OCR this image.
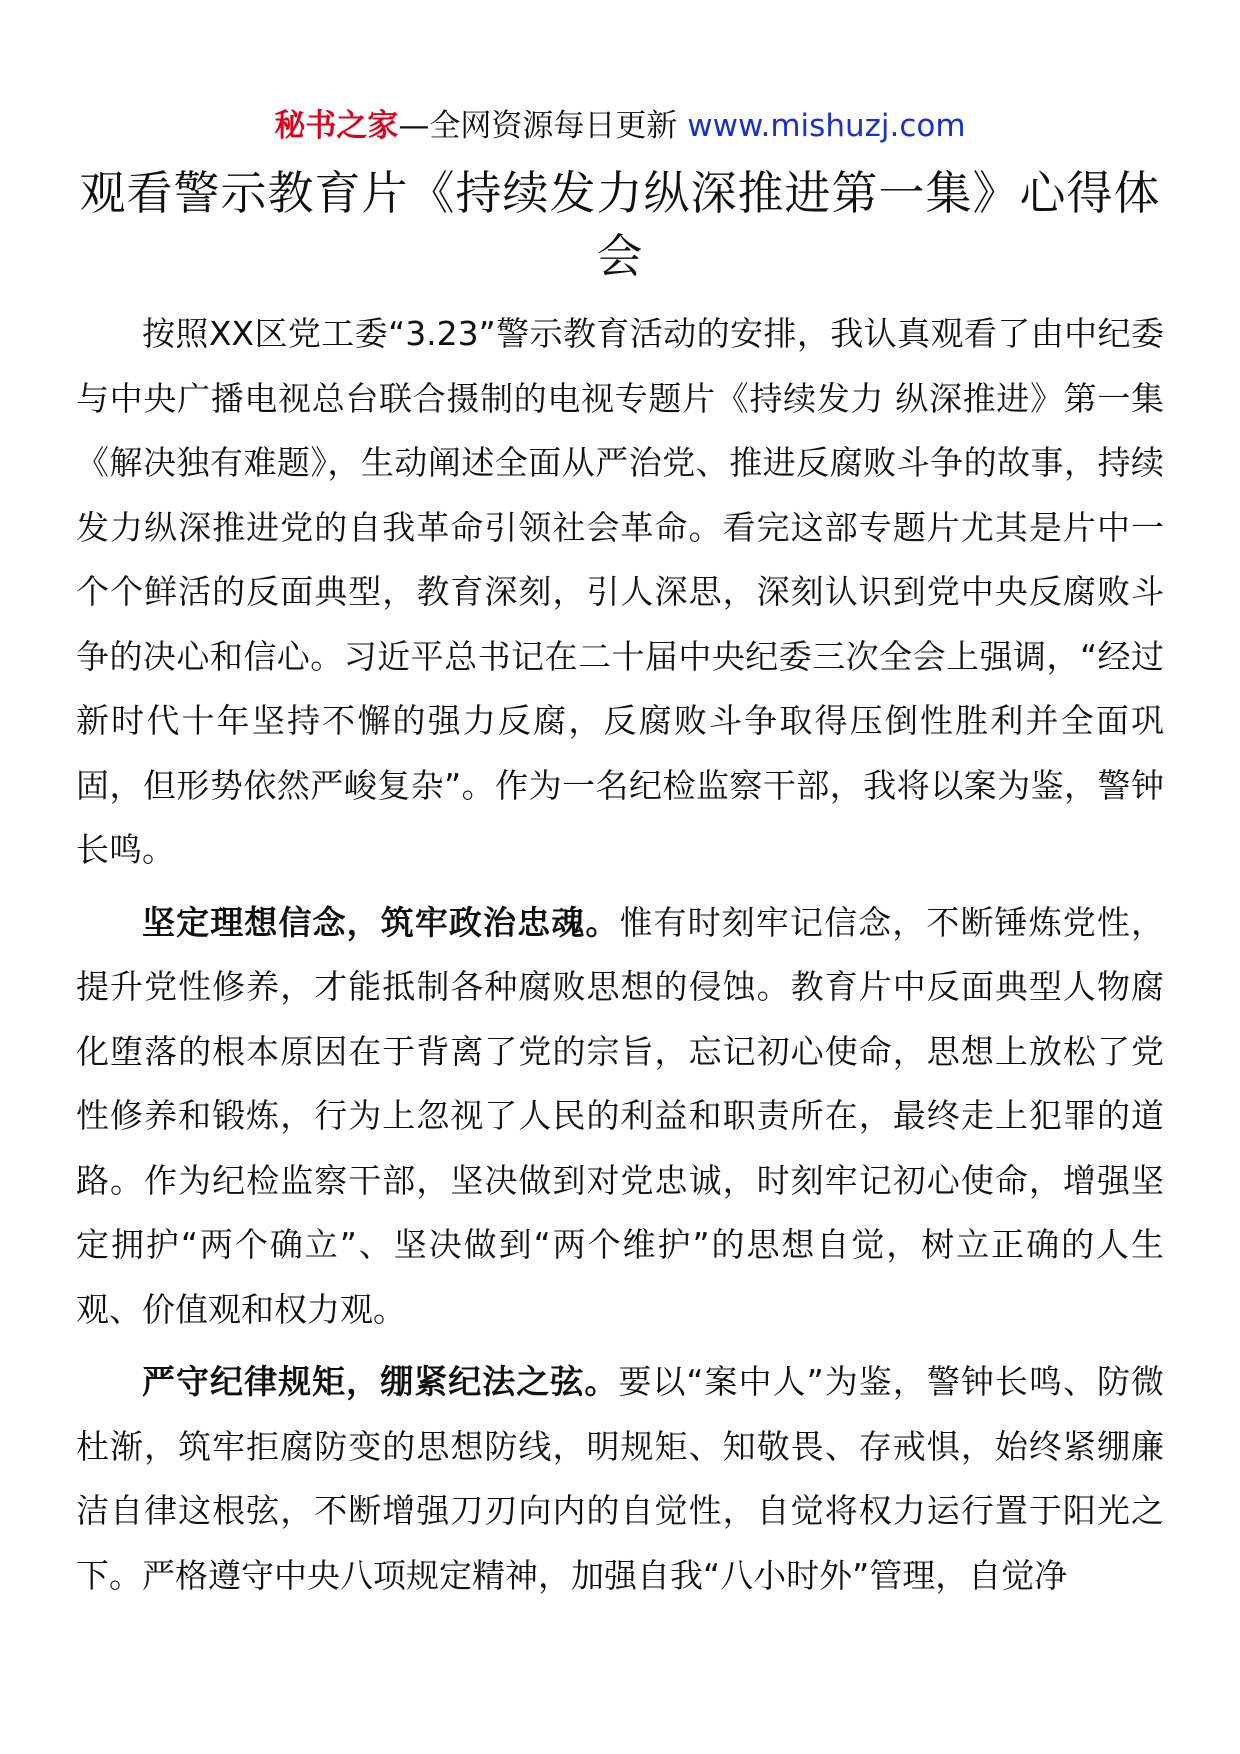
秘书之家—全网资源每日更新 www.mishuzj.com
观看警示教育片《持续发力纵深推进第一集》心得体会

按照XX区党工委“3.23”警示教育活动的安排，我认真观看了由中纪委与中央广播电视总台联合摄制的电视专题片《持续发力 纵深推进》第一集《解决独有难题》，生动阐述全面从严治党、推进反腐败斗争的故事，持续发力纵深推进党的自我革命引领社会革命。看完这部专题片尤其是片中一个个鲜活的反面典型，教育深刻，引人深思，深刻认识到党中央反腐败斗争的决心和信心。习近平总书记在二十届中央纪委三次全会上强调，“经过新时代十年坚持不懈的强力反腐，反腐败斗争取得压倒性胜利并全面巩固，但形势依然严峻复杂”。作为一名纪检监察干部，我将以案为鉴，警钟长鸣。

坚定理想信念，筑牢政治忠魂。惟有时刻牢记信念，不断锤炼党性，提升党性修养，才能抵制各种腐败思想的侵蚀。教育片中反面典型人物腐化堕落的根本原因在于背离了党的宗旨，忘记初心使命，思想上放松了党性修养和锻炼，行为上忽视了人民的利益和职责所在，最终走上犯罪的道路。作为纪检监察干部，坚决做到对党忠诚，时刻牢记初心使命，增强坚定拥护“两个确立”、坚决做到“两个维护”的思想自觉，树立正确的人生观、价值观和权力观。

严守纪律规矩，绷紧纪法之弦。要以“案中人”为鉴，警钟长鸣、防微杜渐，筑牢拒腐防变的思想防线，明规矩、知敬畏、存戒惧，始终紧绷廉洁自律这根弦，不断增强刀刃向内的自觉性，自觉将权力运行置于阳光之下。严格遵守中央八项规定精神，加强自我“八小时外”管理，自觉净
